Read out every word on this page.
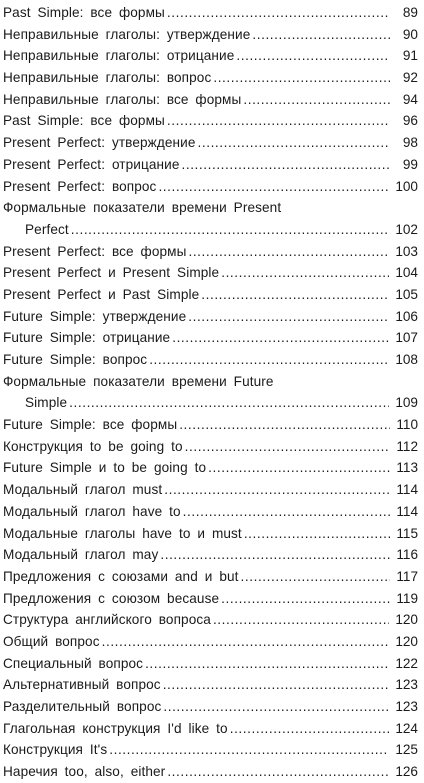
Past Simple: все формы . . .	89
Неправильные глаголы: утверждение . . .	90
Неправильные глаголы: отрицание . . .	91
Неправильные глаголы: вопрос . . .	92
Неправильные глаголы: все формы . . .	94
Past Simple: все формы . . .	96
Present Perfect: утверждение . . .	98
Present Perfect: отрицание . . .	99
Present Perfect: вопрос . . .	100
Формальные показатели времени Present
Perfect . . .	102
Present Perfect: все формы . . .	103
Present Perfect и Present Simple . . .	104
Present Perfect и Past Simple . . .	105
Future Simple: утверждение . . .	106
Future Simple: отрицание . . .	107
Future Simple: вопрос . . .	108
Формальные показатели времени Future
Simple . . .	109
Future Simple: все формы . . .	110
Конструкция to be going to . . .	112
Future Simple и to be going to . . .	113
Модальный глагол must . . .	114
Модальный глагол have to . . .	114
Модальные глаголы have to и must . . .	115
Модальный глагол may . . .	116
Предложения с союзами and и but . . .	117
Предложения с союзом because . . .	119
Структура английского вопроса . . .	120
Общий вопрос . . .	120
Специальный вопрос . . .	122
Альтернативный вопрос . . .	123
Разделительный вопрос . . .	123
Глагольная конструкция I'd like to . . .	124
Конструкция It's . . .	125
Наречия too, also, either . . .	126
